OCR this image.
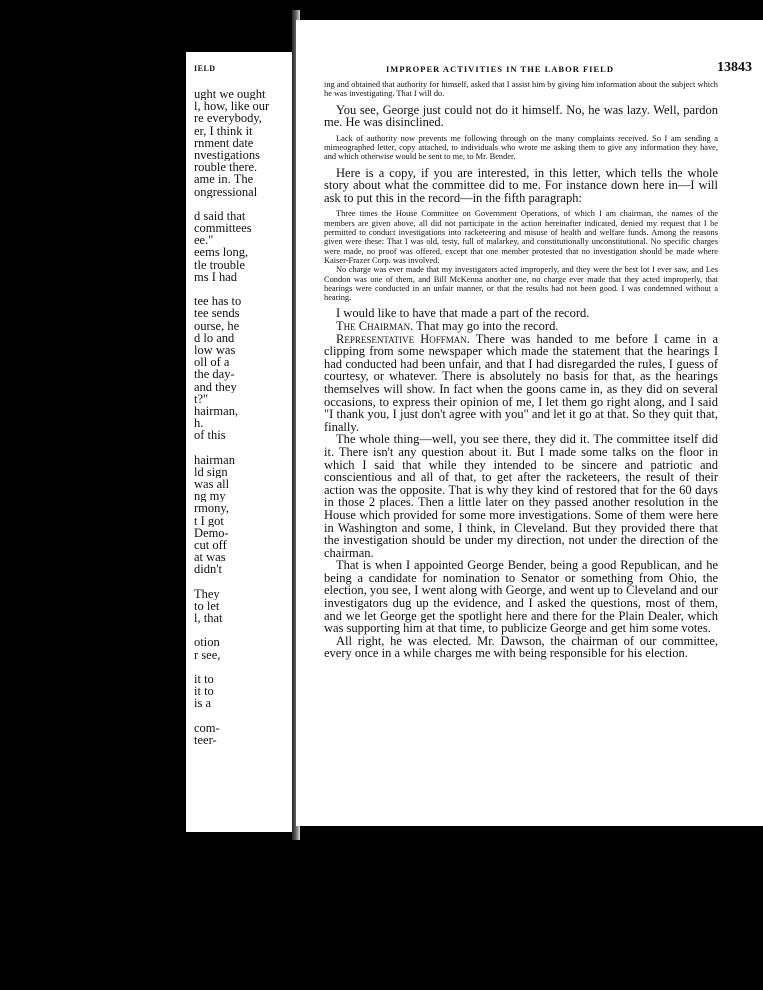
IELD
ught we ought
l, how, like our
re everybody,
er, I think it
rnment date
nvestigations
rouble there.
ame in. The
ongressional
d said that
committees
ee."
eems long,
tle trouble
ms I had
tee has to
tee sends
ourse, he
d lo and
low was
oll of a
the day-
and they
t?"
hairman,
h.
of this
hairman
ld sign
was all
ng my
rmony,
t I got
Demo-
cut off
at was
didn't
They
to let
l, that
otion
r see,
it to
it to
is a
com-
teer-
IMPROPER ACTIVITIES IN THE LABOR FIELD	13843

ing and obtained that authority for himself, asked that I assist him by giving him information about the subject which he was investigating. That I will do.

You see, George just could not do it himself. No, he was lazy. Well, pardon me. He was disinclined.

Lack of authority now prevents me following through on the many complaints received. So I am sending a mimeographed letter, copy attached, to individuals who wrote me asking them to give any information they have, and which otherwise would be sent to me, to Mr. Bender.

Here is a copy, if you are interested, in this letter, which tells the whole story about what the committee did to me. For instance down here in—I will ask to put this in the record—in the fifth paragraph:

Three times the House Committee on Government Operations, of which I am chairman, the names of the members are given above, all did not participate in the action hereinafter indicated, denied my request that I be permitted to conduct investigations into racketeering and misuse of health and welfare funds. Among the reasons given were these: That I was old, testy, full of malarkey, and constitutionally unconstitutional. No specific charges were made, no proof was offered, except that one member protested that no investigation should be made where Kaiser-Frazer Corp. was involved.

No charge was ever made that my investigators acted improperly, and they were the best lot I ever saw, and Les Condon was one of them, and Bill McKenna another one, no charge ever made that they acted improperly, that hearings were conducted in an unfair manner, or that the results had not been good. I was condemned without a hearing.

I would like to have that made a part of the record.

The Chairman. That may go into the record.

Representative Hoffman. There was handed to me before I came in a clipping from some newspaper which made the statement that the hearings I had conducted had been unfair, and that I had disregarded the rules, I guess of courtesy, or whatever. There is absolutely no basis for that, as the hearings themselves will show. In fact when the goons came in, as they did on several occasions, to express their opinion of me, I let them go right along, and I said "I thank you, I just don't agree with you" and let it go at that. So they quit that, finally.

The whole thing—well, you see there, they did it. The committee itself did it. There isn't any question about it. But I made some talks on the floor in which I said that while they intended to be sincere and patriotic and conscientious and all of that, to get after the racketeers, the result of their action was the opposite. That is why they kind of restored that for the 60 days in those 2 places. Then a little later on they passed another resolution in the House which provided for some more investigations. Some of them were here in Washington and some, I think, in Cleveland. But they provided there that the investigation should be under my direction, not under the direction of the chairman.

That is when I appointed George Bender, being a good Republican, and he being a candidate for nomination to Senator or something from Ohio, the election, you see, I went along with George, and went up to Cleveland and our investigators dug up the evidence, and I asked the questions, most of them, and we let George get the spotlight here and there for the Plain Dealer, which was supporting him at that time, to publicize George and get him some votes.

All right, he was elected. Mr. Dawson, the chairman of our committee, every once in a while charges me with being responsible for his election.
